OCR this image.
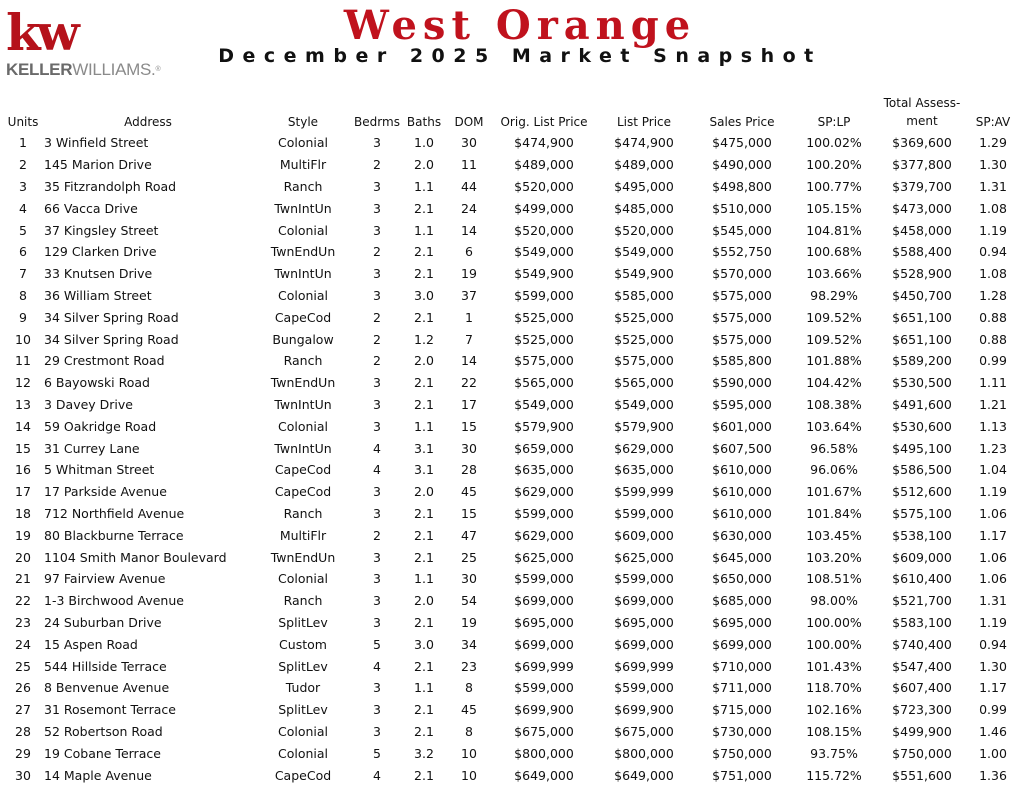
kw
KELLERWILLIAMS.®
West Orange
December 2025 Market Snapshot
Units	Address	Style	Bedrms	Baths	DOM	Orig. List Price	List Price	Sales Price	SP:LP	Total Assess-ment	SP:AV
1	3 Winfield Street	Colonial	3	1.0	30	$474,900	$474,900	$475,000	100.02%	$369,600	1.29
2	145 Marion Drive	MultiFlr	2	2.0	11	$489,000	$489,000	$490,000	100.20%	$377,800	1.30
3	35 Fitzrandolph Road	Ranch	3	1.1	44	$520,000	$495,000	$498,800	100.77%	$379,700	1.31
4	66 Vacca Drive	TwnIntUn	3	2.1	24	$499,000	$485,000	$510,000	105.15%	$473,000	1.08
5	37 Kingsley Street	Colonial	3	1.1	14	$520,000	$520,000	$545,000	104.81%	$458,000	1.19
6	129 Clarken Drive	TwnEndUn	2	2.1	6	$549,000	$549,000	$552,750	100.68%	$588,400	0.94
7	33 Knutsen Drive	TwnIntUn	3	2.1	19	$549,900	$549,900	$570,000	103.66%	$528,900	1.08
8	36 William Street	Colonial	3	3.0	37	$599,000	$585,000	$575,000	98.29%	$450,700	1.28
9	34 Silver Spring Road	CapeCod	2	2.1	1	$525,000	$525,000	$575,000	109.52%	$651,100	0.88
10	34 Silver Spring Road	Bungalow	2	1.2	7	$525,000	$525,000	$575,000	109.52%	$651,100	0.88
11	29 Crestmont Road	Ranch	2	2.0	14	$575,000	$575,000	$585,800	101.88%	$589,200	0.99
12	6 Bayowski Road	TwnEndUn	3	2.1	22	$565,000	$565,000	$590,000	104.42%	$530,500	1.11
13	3 Davey Drive	TwnIntUn	3	2.1	17	$549,000	$549,000	$595,000	108.38%	$491,600	1.21
14	59 Oakridge Road	Colonial	3	1.1	15	$579,900	$579,900	$601,000	103.64%	$530,600	1.13
15	31 Currey Lane	TwnIntUn	4	3.1	30	$659,000	$629,000	$607,500	96.58%	$495,100	1.23
16	5 Whitman Street	CapeCod	4	3.1	28	$635,000	$635,000	$610,000	96.06%	$586,500	1.04
17	17 Parkside Avenue	CapeCod	3	2.0	45	$629,000	$599,999	$610,000	101.67%	$512,600	1.19
18	712 Northfield Avenue	Ranch	3	2.1	15	$599,000	$599,000	$610,000	101.84%	$575,100	1.06
19	80 Blackburne Terrace	MultiFlr	2	2.1	47	$629,000	$609,000	$630,000	103.45%	$538,100	1.17
20	1104 Smith Manor Boulevard	TwnEndUn	3	2.1	25	$625,000	$625,000	$645,000	103.20%	$609,000	1.06
21	97 Fairview Avenue	Colonial	3	1.1	30	$599,000	$599,000	$650,000	108.51%	$610,400	1.06
22	1-3 Birchwood Avenue	Ranch	3	2.0	54	$699,000	$699,000	$685,000	98.00%	$521,700	1.31
23	24 Suburban Drive	SplitLev	3	2.1	19	$695,000	$695,000	$695,000	100.00%	$583,100	1.19
24	15 Aspen Road	Custom	5	3.0	34	$699,000	$699,000	$699,000	100.00%	$740,400	0.94
25	544 Hillside Terrace	SplitLev	4	2.1	23	$699,999	$699,999	$710,000	101.43%	$547,400	1.30
26	8 Benvenue Avenue	Tudor	3	1.1	8	$599,000	$599,000	$711,000	118.70%	$607,400	1.17
27	31 Rosemont Terrace	SplitLev	3	2.1	45	$699,900	$699,900	$715,000	102.16%	$723,300	0.99
28	52 Robertson Road	Colonial	3	2.1	8	$675,000	$675,000	$730,000	108.15%	$499,900	1.46
29	19 Cobane Terrace	Colonial	5	3.2	10	$800,000	$800,000	$750,000	93.75%	$750,000	1.00
30	14 Maple Avenue	CapeCod	4	2.1	10	$649,000	$649,000	$751,000	115.72%	$551,600	1.36
